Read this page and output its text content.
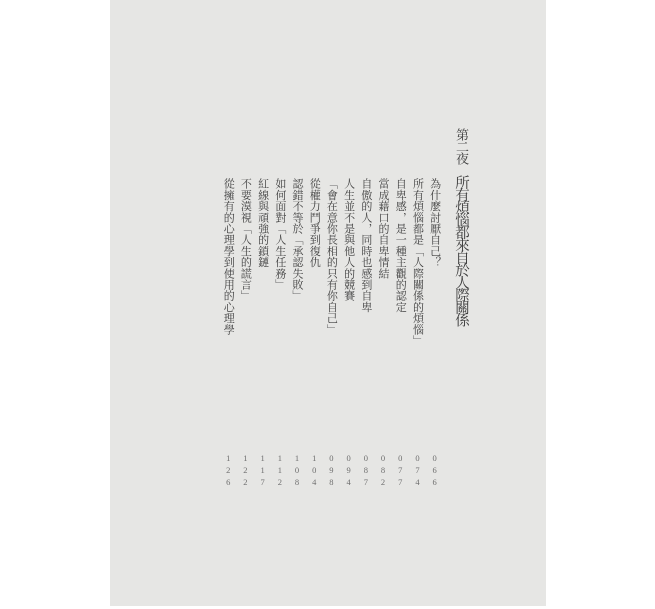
第二夜所有煩惱都來自於人際關係
為什麼討厭自己？
066
所有煩惱都是「人際關係的煩惱」
074
自卑感，是一種主觀的認定
077
當成藉口的自卑情結
082
自傲的人，同時也感到自卑
087
人生並不是與他人的競賽
094
「會在意你長相的只有你自己」
098
從權力鬥爭到復仇
104
認錯不等於「承認失敗」
108
如何面對「人生任務」
112
紅線與頑強的鎖鏈
117
不要漠視「人生的謊言」
122
從擁有的心理學到使用的心理學
126
